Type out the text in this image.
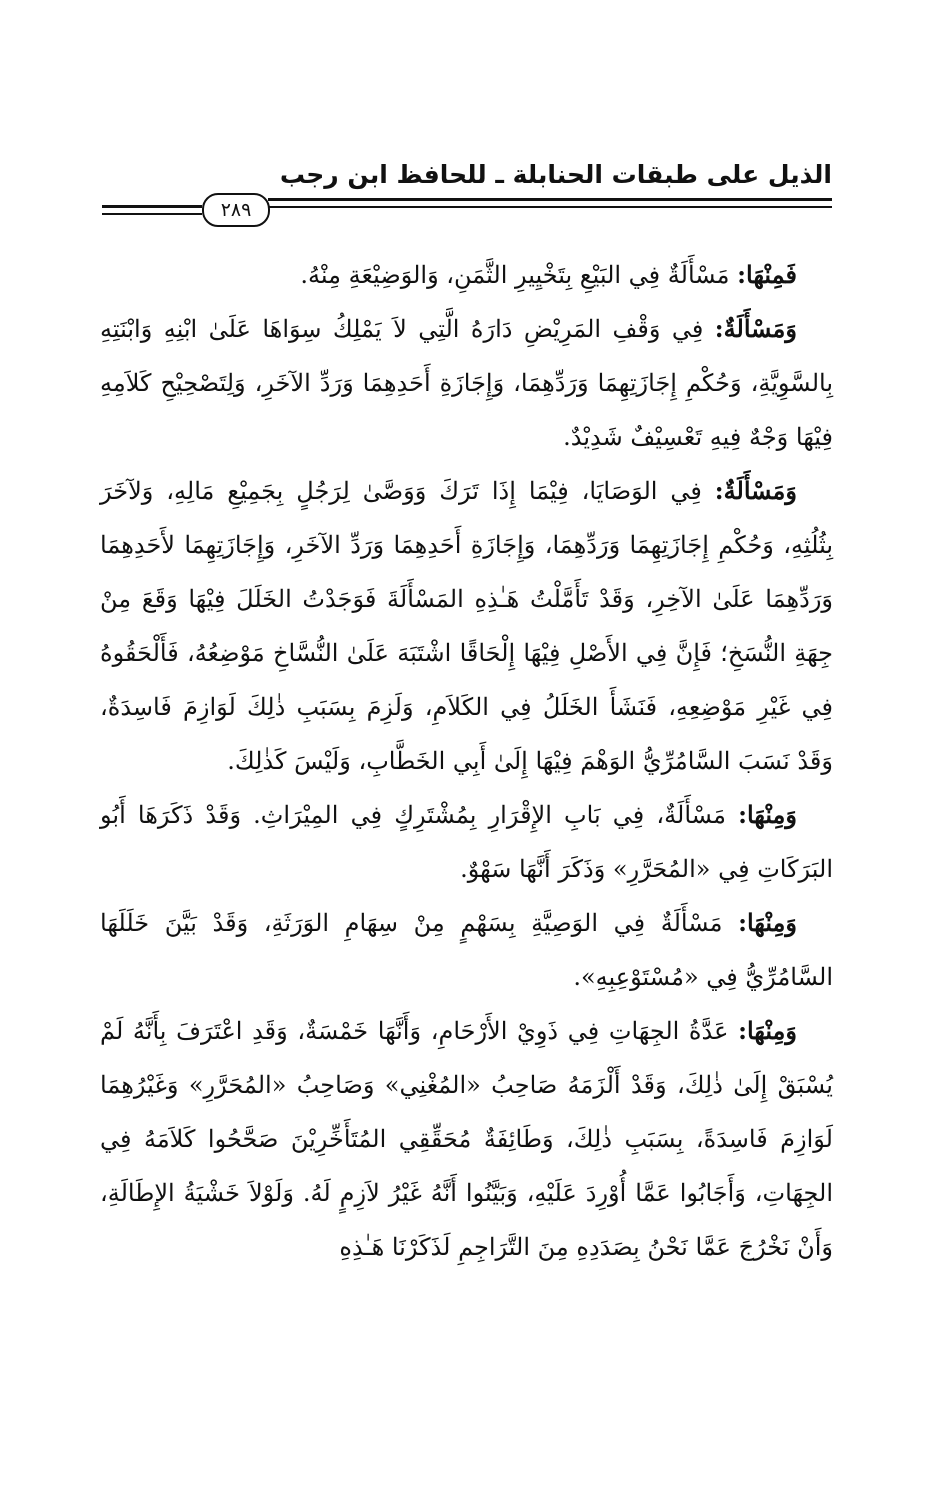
الذيل على طبقات الحنابلة ـ للحافظ ابن رجب
٢٨٩

فَمِنْهَا: مَسْأَلَةٌ فِي البَيْعِ بِتَخْيِيرِ الثَّمَنِ، وَالوَضِيْعَةِ مِنْهُ.

وَمَسْأَلَةٌ: فِي وَقْفِ المَرِيْضِ دَارَهُ الَّتِي لاَ يَمْلِكُ سِوَاهَا عَلَىٰ ابْنِهِ وَابْنَتِهِ بِالسَّوِيَّةِ، وَحُكْمِ إِجَازَتِهِمَا وَرَدِّهِمَا، وَإِجَازَةِ أَحَدِهِمَا وَرَدِّ الآخَرِ، وَلِتَصْحِيْحِ كَلاَمِهِ فِيْهَا وَجْهٌ فِيهِ تَعْسِيْفٌ شَدِيْدٌ.

وَمَسْأَلَةٌ: فِي الوَصَايَا، فِيْمَا إِذَا تَرَكَ وَوَصَّىٰ لِرَجُلٍ بِجَمِيْعِ مَالِهِ، وَلآخَرَ بِثُلُثِهِ، وَحُكْمِ إِجَازَتِهِمَا وَرَدِّهِمَا، وَإِجَازَةِ أَحَدِهِمَا وَرَدِّ الآخَرِ، وَإِجَازَتِهِمَا لأَحَدِهِمَا وَرَدِّهِمَا عَلَىٰ الآخِرِ، وَقَدْ تَأَمَّلْتُ هَـٰذِهِ المَسْأَلَةَ فَوَجَدْتُ الخَلَلَ فِيْهَا وَقَعَ مِنْ جِهَةِ النُّسَخِ؛ فَإِنَّ فِي الأَصْلِ فِيْهَا إِلْحَاقًا اشْتَبَهَ عَلَىٰ النُّسَّاخِ مَوْضِعُهُ، فَأَلْحَقُوهُ فِي غَيْرِ مَوْضِعِهِ، فَنَشَأَ الخَلَلُ فِي الكَلاَمِ، وَلَزِمَ بِسَبَبِ ذٰلِكَ لَوَازِمَ فَاسِدَةٌ، وَقَدْ نَسَبَ السَّامُرِّيُّ الوَهْمَ فِيْهَا إِلَىٰ أَبِي الخَطَّابِ، وَلَيْسَ كَذٰلِكَ.

وَمِنْهَا: مَسْأَلَةٌ، فِي بَابِ الإِقْرَارِ بِمُشْتَرِكٍ فِي المِيْرَاثِ. وَقَدْ ذَكَرَهَا أَبُو البَرَكَاتِ فِي «المُحَرَّرِ» وَذَكَرَ أَنَّهَا سَهْوٌ.

وَمِنْهَا: مَسْأَلَةٌ فِي الوَصِيَّةِ بِسَهْمٍ مِنْ سِهَامِ الوَرَثَةِ، وَقَدْ بَيَّنَ خَلَلَهَا السَّامُرِّيُّ فِي «مُسْتَوْعِبِهِ».

وَمِنْهَا: عَدَّةُ الجِهَاتِ فِي ذَوِيْ الأَرْحَامِ، وَأَنَّهَا خَمْسَةٌ، وَقَدِ اعْتَرَفَ بِأَنَّهُ لَمْ يُسْبَقْ إِلَىٰ ذٰلِكَ، وَقَدْ أَلْزَمَهُ صَاحِبُ «المُغْنِي» وَصَاحِبُ «المُحَرَّرِ» وَغَيْرُهِمَا لَوَازِمَ فَاسِدَةً، بِسَبَبِ ذٰلِكَ، وَطَائِفَةٌ مُحَقِّقِي المُتَأَخِّرِيْنَ صَحَّحُوا كَلاَمَهُ فِي الجِهَاتِ، وَأَجَابُوا عَمَّا أُوْرِدَ عَلَيْهِ، وَبَيَّنُوا أَنَّهُ غَيْرُ لاَزِمٍ لَهُ. وَلَوْلاَ خَشْيَةُ الإِطَالَةِ، وَأَنْ نَخْرُجَ عَمَّا نَحْنُ بِصَدَدِهِ مِنَ التَّرَاجِمِ لَذَكَرْنَا هَـٰذِهِ
